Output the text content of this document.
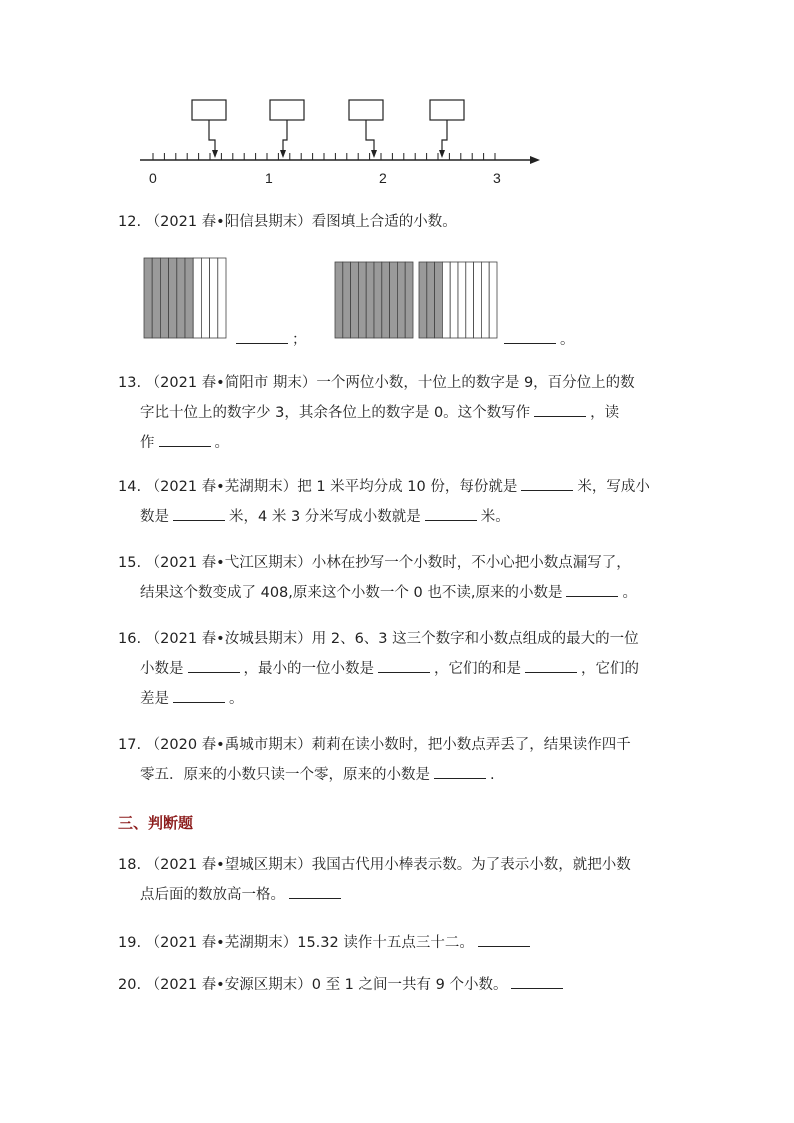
0	1	2	3
12. （2021 春•阳信县期末）看图填上合适的小数。
；	。
13. （2021 春•简阳市 期末）一个两位小数，十位上的数字是 9，百分位上的数
字比十位上的数字少 3，其余各位上的数字是 0。这个数写作	，读
作	。
14. （2021 春•芜湖期末）把 1 米平均分成 10 份，每份就是	米，写成小
数是	米，4 米 3 分米写成小数就是	米。
15. （2021 春•弋江区期末）小林在抄写一个小数时，不小心把小数点漏写了，
结果这个数变成了 408,原来这个小数一个 0 也不读,原来的小数是	。
16. （2021 春•汝城县期末）用 2、6、3 这三个数字和小数点组成的最大的一位
小数是	，最小的一位小数是	，它们的和是	，它们的
差是	。
17. （2020 春•禹城市期末）莉莉在读小数时，把小数点弄丢了，结果读作四千
零五．原来的小数只读一个零，原来的小数是	.
三、判断题
18. （2021 春•望城区期末）我国古代用小棒表示数。为了表示小数，就把小数
点后面的数放高一格。
19. （2021 春•芜湖期末）15.32 读作十五点三十二。
20. （2021 春•安源区期末）0 至 1 之间一共有 9 个小数。
